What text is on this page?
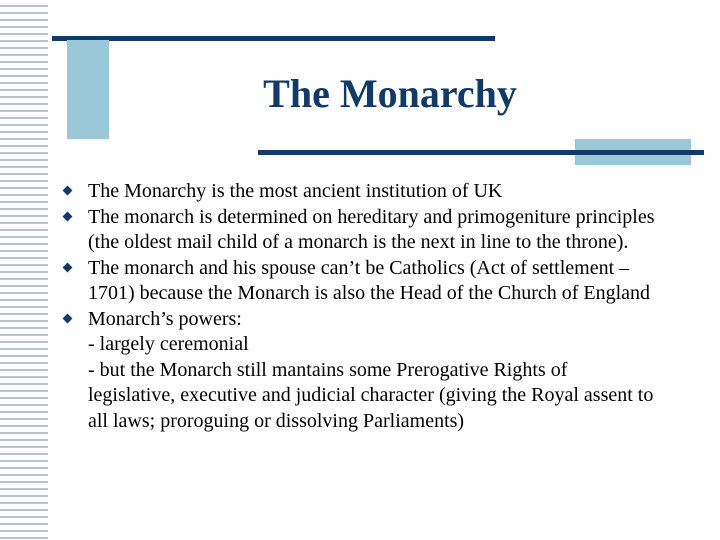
The Monarchy
The Monarchy is the most ancient institution of UK
The monarch is determined on hereditary and primogeniture principles
(the oldest mail child of a monarch is the next in line to the throne).
The monarch and his spouse can’t be Catholics (Act of settlement –
1701) because the Monarch is also the Head of the Church of England
Monarch’s powers:
- largely ceremonial
- but the Monarch still mantains some Prerogative Rights of
legislative, executive and judicial character (giving the Royal assent to
all laws; proroguing or dissolving Parliaments)
